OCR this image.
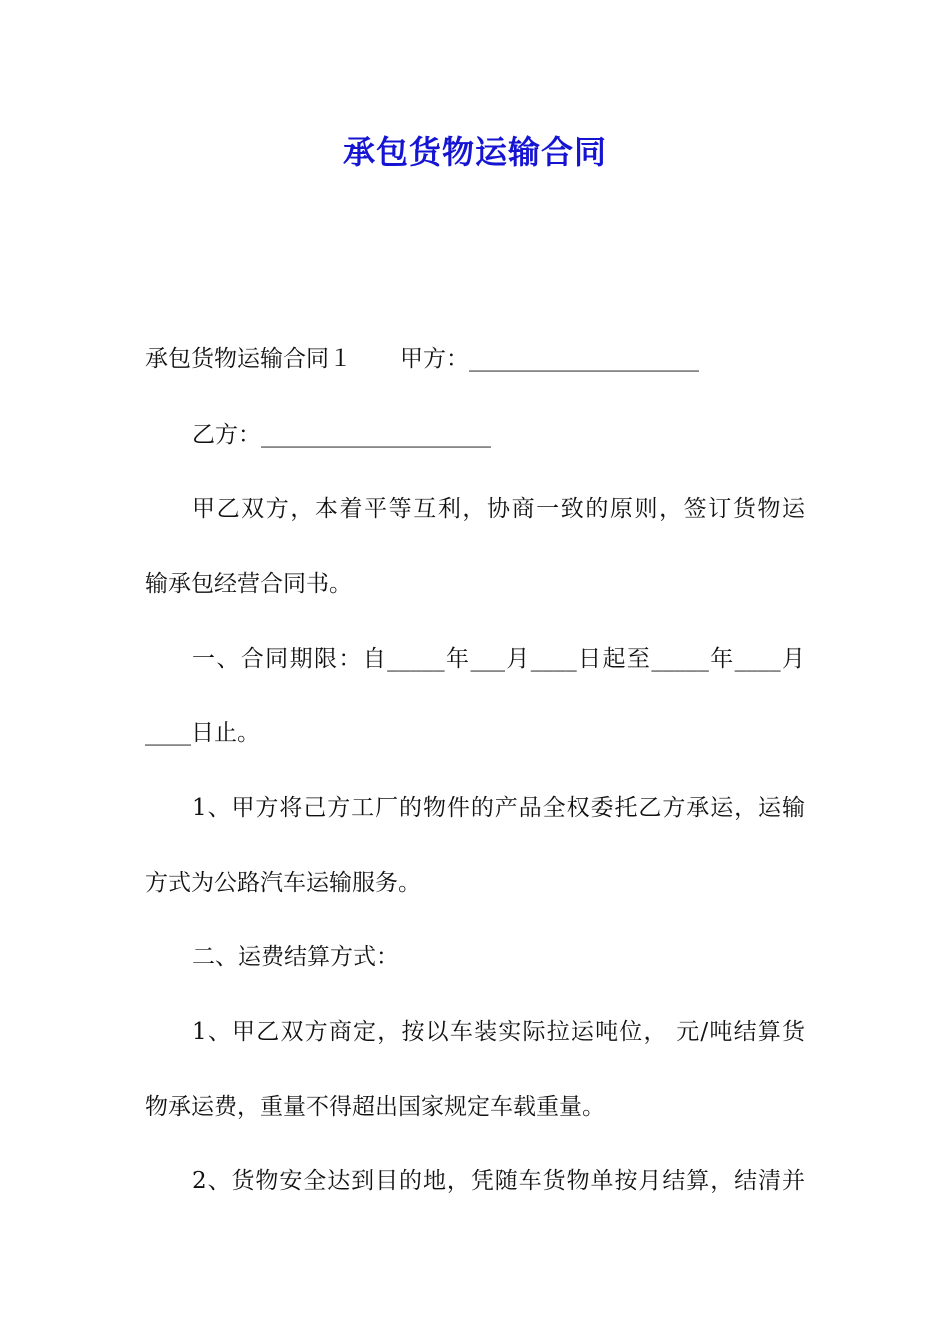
承包货物运输合同
承包货物运输合同１ 甲方：____________________
乙方：____________________
甲乙双方，本着平等互利，协商一致的原则，签订货物运
输承包经营合同书。
一、合同期限：自_____年___月____日起至_____年____月
____日止。
1、甲方将己方工厂的物件的产品全权委托乙方承运，运输
方式为公路汽车运输服务。
二、运费结算方式：
1、甲乙双方商定，按以车装实际拉运吨位， 元/吨结算货
物承运费，重量不得超出国家规定车载重量。
2、货物安全达到目的地，凭随车货物单按月结算，结清并
